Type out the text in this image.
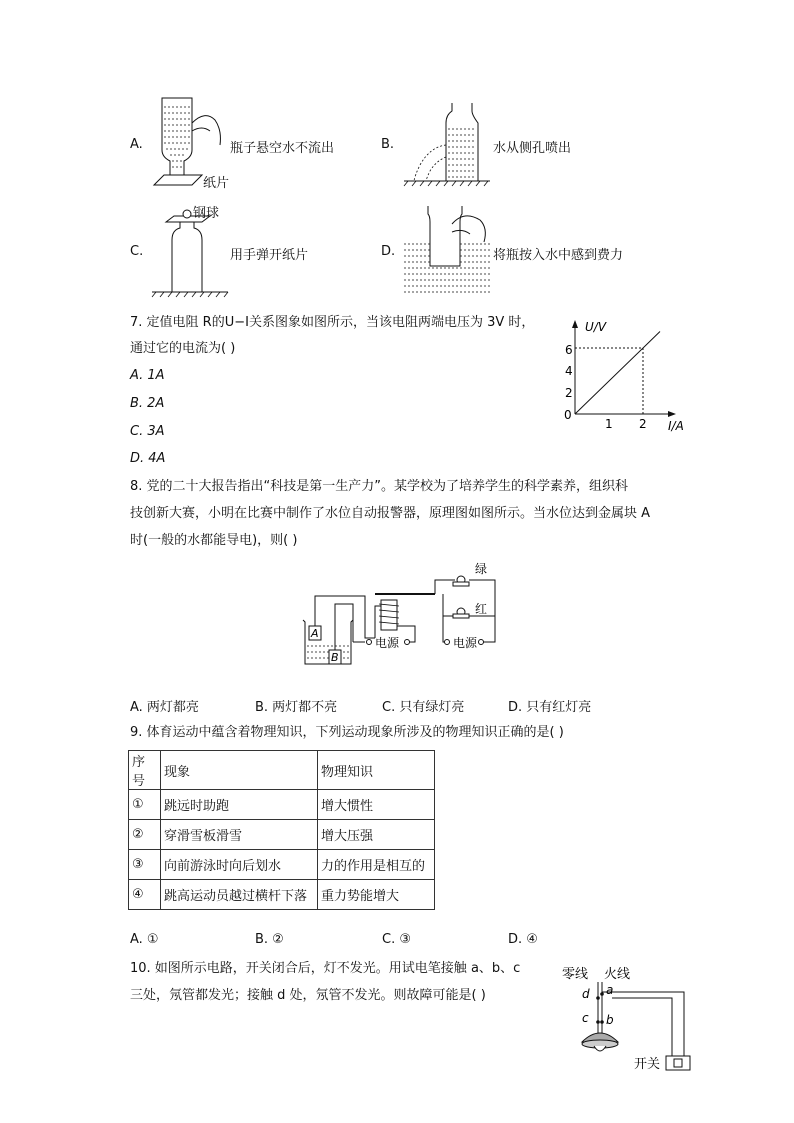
A.
纸片
瓶子悬空水不流出	B.	水从侧孔喷出
C.
钢球
用手弹开纸片	D.	将瓶按入水中感到费力
7. 定值电阻 R的U−I关系图象如图所示，当该电阻两端电压为 3V 时，
通过它的电流为( )
A. 1A
B. 2A
C. 3A
D. 4A
U/V
I/A
0
2
4
6
1 2
8. 党的二十大报告指出“科技是第一生产力”。某学校为了培养学生的科学素养，组织科
技创新大赛，小明在比赛中制作了水位自动报警器，原理图如图所示。当水位达到金属块 A
时(一般的水都能导电)，则( )
A
B
电源
绿
红
电源
A. 两灯都亮	B. 两灯都不亮	C. 只有绿灯亮	D. 只有红灯亮
9. 体育运动中蕴含着物理知识，下列运动现象所涉及的物理知识正确的是( )
序号	现象	物理知识
①	跳远时助跑	增大惯性
②	穿滑雪板滑雪	增大压强
③	向前游泳时向后划水	力的作用是相互的
④	跳高运动员越过横杆下落	重力势能增大
A. ①	B. ②	C. ③	D. ④
10. 如图所示电路，开关闭合后，灯不发光。用试电笔接触 a、b、c
三处，氖管都发光；接触 d 处，氖管不发光。则故障可能是( )
零线 火线
a
d
b
c
开关
